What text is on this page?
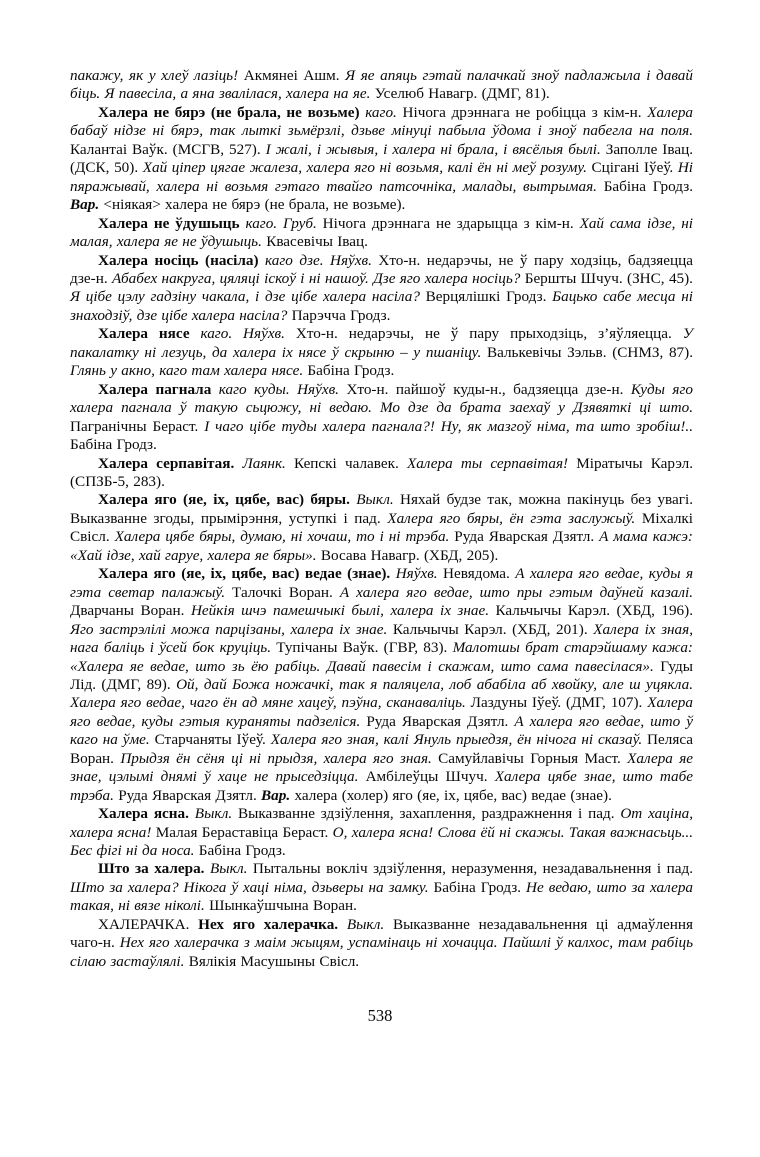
пакажу, як у хлеў лазіць! Акмянеі Ашм. Я яе апяць гэтай палачкай зноў падлажыла і давай біць. Я павесіла, а яна звалілася, халера на яе. Уселюб Навагр. (ДМГ, 81).

Халера не бярэ (не брала, не возьме) каго. Нічога дрэннага не робіцца з кім-н. Халера бабаў нідзе ні бярэ, так лыткі зьмёрзлі, дзьве мінуці пабыла ўдома і зноў пабегла на поля. Калантаі Ваўк. (МСГВ, 527). І жалі, і жывыя, і халера ні брала, і вясёлыя былі. Заполле Івац. (ДСК, 50). Хай ціпер цягае жалеза, халера яго ні возьмя, калі ён ні меў розуму. Сцігані Іўеў. Ні пяражывай, халера ні возьмя гэтаго твайго патсочніка, малады, вытрымая. Бабіна Гродз. Вар. <ніякая> халера не бярэ (не брала, не возьме).

Халера не ўдушыць каго. Груб. Нічога дрэннага не здарыцца з кім-н. Хай сама ідзе, ні малая, халера яе не ўдушыць. Квасевічы Івац.

Халера носіць (насіла) каго дзе. Няўхв. Хто-н. недарэчы, не ў пару ходзіць, бадзяецца дзе-н. Абабех накруга, цяляці іскоў і ні нашоў. Дзе яго халера носіць? Бершты Шчуч. (ЗНС, 45). Я цібе цэлу гадзіну чакала, і дзе цібе халера насіла? Верцялішкі Гродз. Бацько сабе месца ні знаходзіў, дзе цібе халера насіла? Парэчча Гродз.

Халера нясе каго. Няўхв. Хто-н. недарэчы, не ў пару прыходзіць, з’яўляецца. У пакалатку ні лезуць, да халера іх нясе ў скрыню – у пшаніцу. Валькевічы Зэльв. (СНМЗ, 87). Глянь у акно, каго там халера нясе. Бабіна Гродз.

Халера пагнала каго куды. Няўхв. Хто-н. пайшоў куды-н., бадзяецца дзе-н. Куды яго халера пагнала ў такую сьцюжу, ні ведаю. Мо дзе да брата заехаў у Дзявяткі ці што. Пагранічны Бераст. І чаго цібе туды халера пагнала?! Ну, як мазгоў німа, та што зробіш!.. Бабіна Гродз.

Халера серпавітая. Лаянк. Кепскі чалавек. Халера ты серпавітая! Міратычы Карэл. (СПЗБ-5, 283).

Халера яго (яе, іх, цябе, вас) бяры. Выкл. Няхай будзе так, можна пакінуць без увагі. Выказванне згоды, прымірэння, уступкі і пад. Халера яго бяры, ён гэта заслужыў. Міхалкі Свісл. Халера цябе бяры, думаю, ні хочаш, то і ні трэба. Руда Яварская Дзятл. А мама кажэ: «Хай ідзе, хай гаруе, халера яе бяры». Восава Навагр. (ХБД, 205).

Халера яго (яе, іх, цябе, вас) ведае (знае). Няўхв. Невядома. А халера яго ведае, куды я гэта светар палажыў. Талочкі Воран. А халера яго ведае, што пры гэтым даўней казалі. Дварчаны Воран. Нейкія шчэ памешчыкі былі, халера іх знае. Кальчычы Карэл. (ХБД, 196). Яго застрэлілі можа парцізаны, халера іх знае. Кальчычы Карэл. (ХБД, 201). Халера іх зная, нага баліць і ўсей бок круціць. Тупічаны Ваўк. (ГВР, 83). Малотшы брат старэйшаму кажа: «Халера яе ведае, што зь ёю рабіць. Давай павесім і скажам, што сама павесілася». Гуды Лід. (ДМГ, 89). Ой, дай Божа ножачкі, так я паляцела, лоб абабіла аб хвойку, але ш уцякла. Халера яго ведае, чаго ён ад мяне хацеў, пэўна, сканаваліць. Лаздуны Іўеў. (ДМГ, 107). Халера яго ведае, куды гэтыя кураняты падзеліся. Руда Яварская Дзятл. А халера яго ведае, што ў каго на ўме. Старчаняты Іўеў. Халера яго зная, калі Януль прыедзя, ён нічога ні сказаў. Пеляса Воран. Прыдзя ён сёня ці ні прыдзя, халера яго зная. Самуйлавічы Горныя Маст. Халера яе знае, цэлымі днямі ў хаце не прыседзіцца. Амбілеўцы Шчуч. Халера цябе знае, што табе трэба. Руда Яварская Дзятл. Вар. халера (холер) яго (яе, іх, цябе, вас) ведае (знае).

Халера ясна. Выкл. Выказванне здзіўлення, захаплення, раздражнення і пад. От хаціна, халера ясна! Малая Бераставіца Бераст. О, халера ясна! Слова ёй ні скажы. Такая важнасьць... Бес фігі ні да носа. Бабіна Гродз.

Што за халера. Выкл. Пытальны вокліч здзіўлення, неразумення, незадавальнення і пад. Што за халера? Нікога ў хаці німа, дзьверы на замку. Бабіна Гродз. Не ведаю, што за халера такая, ні вязе ніколі. Шынкаўшчына Воран.

ХАЛЕРАЧКА. Нех яго халерачка. Выкл. Выказванне незадавальнення ці адмаўлення чаго-н. Нех яго халерачка з маім жыцям, успамінаць ні хочацца. Пайшлі ў калхос, там рабіць сілаю застаўлялі. Вялікія Масушыны Свісл.

538
